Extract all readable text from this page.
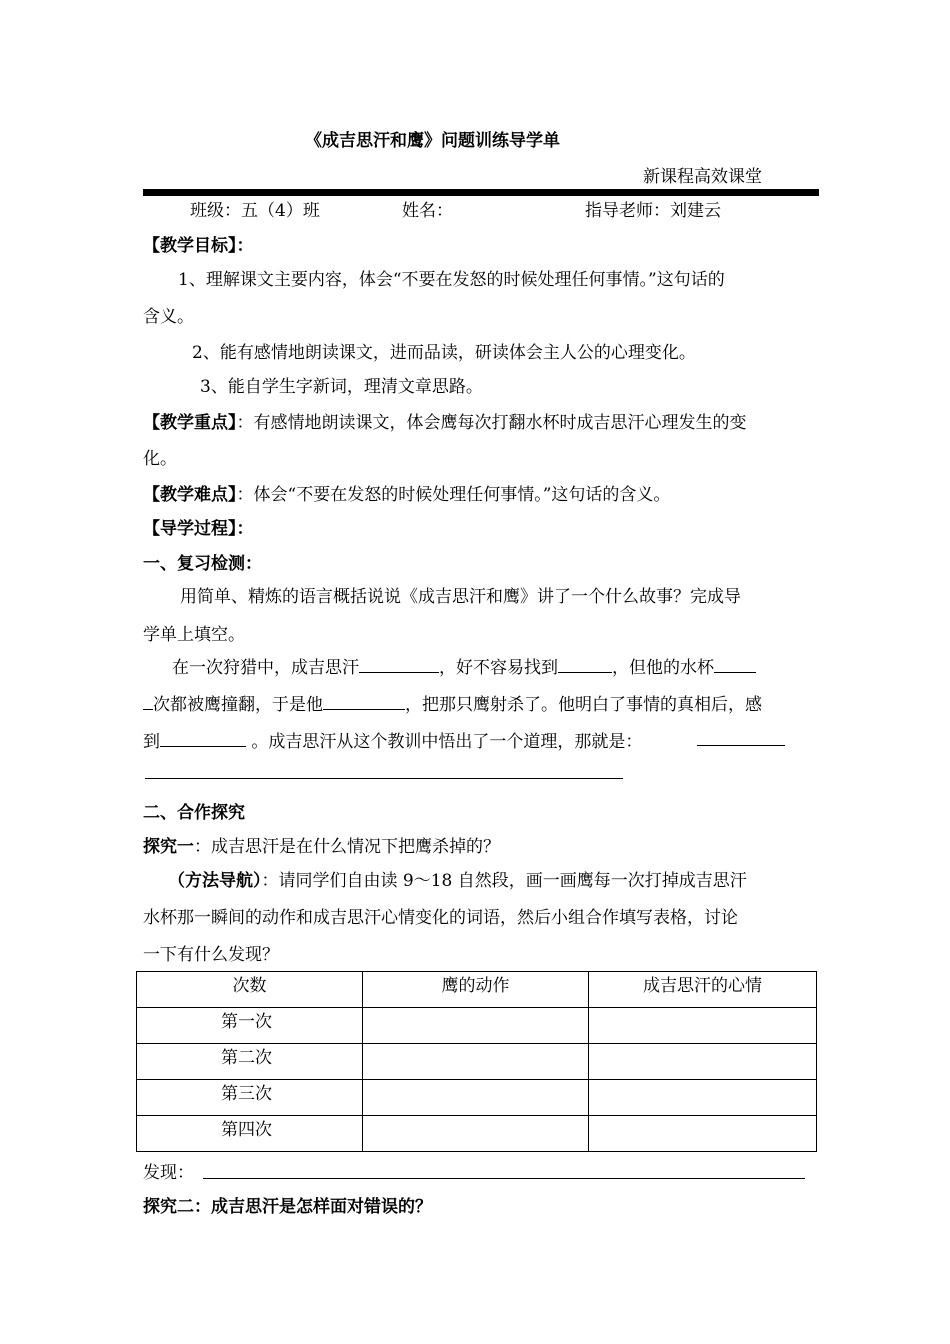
《成吉思汗和鹰》问题训练导学单
新课程高效课堂
班级：五（4）班	姓名：	指导老师：刘建云
【教学目标】：
1、理解课文主要内容，体会“不要在发怒的时候处理任何事情。”这句话的
含义。
2、能有感情地朗读课文，进而品读，研读体会主人公的心理变化。
3、能自学生字新词，理清文章思路。
【教学重点】：有感情地朗读课文，体会鹰每次打翻水杯时成吉思汗心理发生的变
化。
【教学难点】：体会“不要在发怒的时候处理任何事情。”这句话的含义。
【导学过程】：
一、复习检测：
用简单、精炼的语言概括说说《成吉思汗和鹰》讲了一个什么故事？完成导
学单上填空。
在一次狩猎中，成吉思汗	，好不容易找到	，但他的水杯
次都被鹰撞翻，于是他	，把那只鹰射杀了。他明白了事情的真相后，感
到	。成吉思汗从这个教训中悟出了一个道理，那就是：
二、合作探究
探究一：成吉思汗是在什么情况下把鹰杀掉的？
（方法导航）：请同学们自由读 9～18 自然段，画一画鹰每一次打掉成吉思汗
水杯那一瞬间的动作和成吉思汗心情变化的词语，然后小组合作填写表格，讨论
一下有什么发现？
次数	鹰的动作	成吉思汗的心情
第一次		
第二次		
第三次		
第四次		
发现：
探究二：成吉思汗是怎样面对错误的？
